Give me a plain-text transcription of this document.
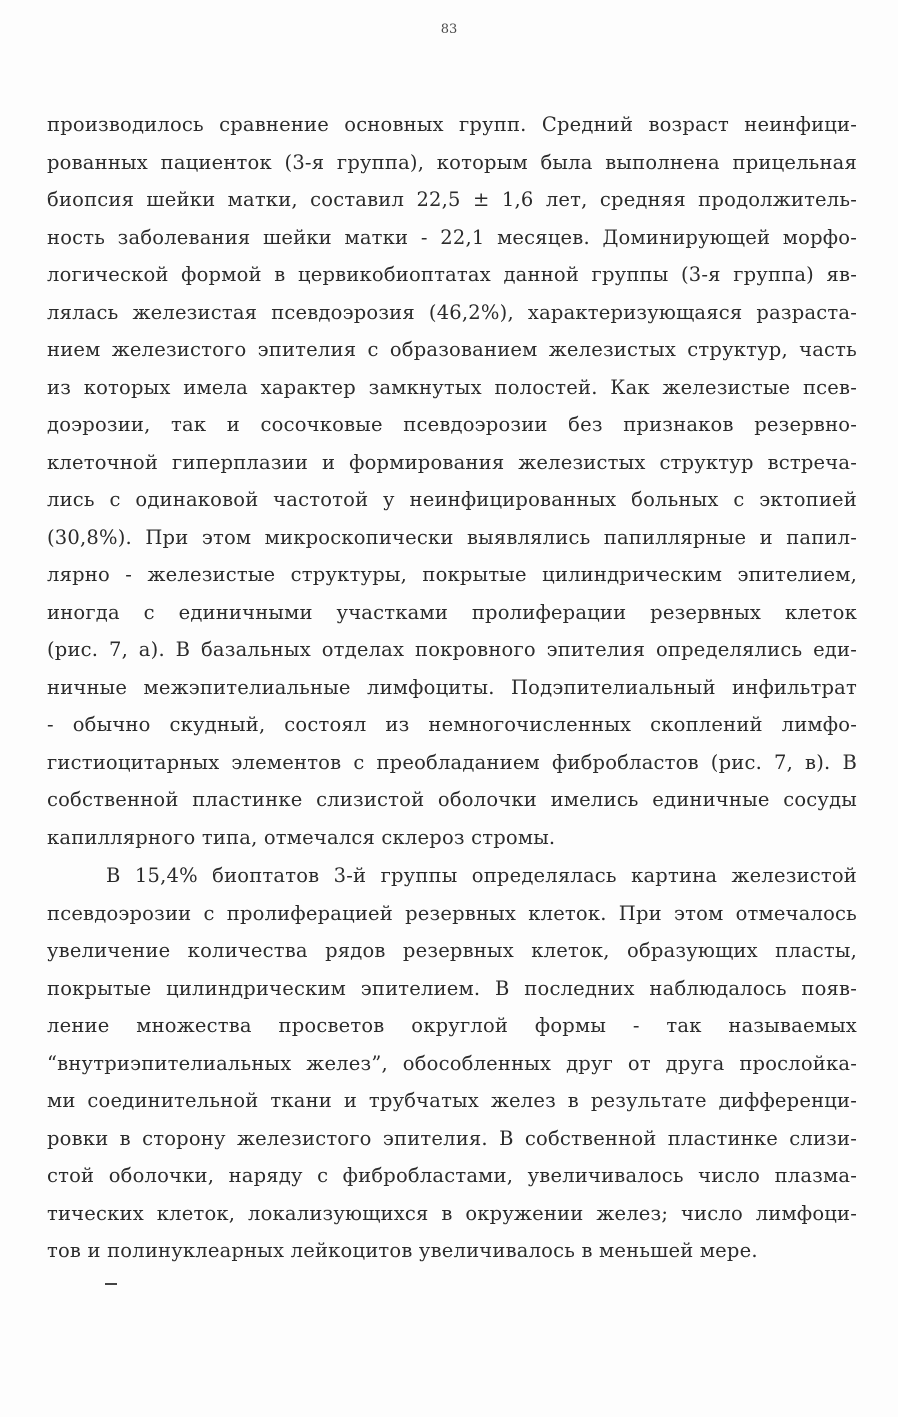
83
производилось сравнение основных групп. Средний возраст неинфици-
рованных пациенток (3-я группа), которым была выполнена прицельная
биопсия шейки матки, составил 22,5 ± 1,6 лет, средняя продолжитель-
ность заболевания шейки матки - 22,1 месяцев. Доминирующей морфо-
логической формой в цервикобиоптатах данной группы (3-я группа) яв-
лялась железистая псевдоэрозия (46,2%), характеризующаяся разраста-
нием железистого эпителия с образованием железистых структур, часть
из которых имела характер замкнутых полостей. Как железистые псев-
доэрозии, так и сосочковые псевдоэрозии без признаков резервно-
клеточной гиперплазии и формирования железистых структур встреча-
лись с одинаковой частотой у неинфицированных больных с эктопией
(30,8%). При этом микроскопически выявлялись папиллярные и папил-
лярно - железистые структуры, покрытые цилиндрическим эпителием,
иногда с единичными участками пролиферации резервных клеток
(рис. 7, а). В базальных отделах покровного эпителия определялись еди-
ничные межэпителиальные лимфоциты. Подэпителиальный инфильтрат
- обычно скудный, состоял из немногочисленных скоплений лимфо-
гистиоцитарных элементов с преобладанием фибробластов (рис. 7, в). В
собственной пластинке слизистой оболочки имелись единичные сосуды
капиллярного типа, отмечался склероз стромы.
В 15,4% биоптатов 3-й группы определялась картина железистой
псевдоэрозии с пролиферацией резервных клеток. При этом отмечалось
увеличение количества рядов резервных клеток, образующих пласты,
покрытые цилиндрическим эпителием. В последних наблюдалось появ-
ление множества просветов округлой формы - так называемых
“внутриэпителиальных желез”, обособленных друг от друга прослойка-
ми соединительной ткани и трубчатых желез в результате дифференци-
ровки в сторону железистого эпителия. В собственной пластинке слизи-
стой оболочки, наряду с фибробластами, увеличивалось число плазма-
тических клеток, локализующихся в окружении желез; число лимфоци-
тов и полинуклеарных лейкоцитов увеличивалось в меньшей мере.
